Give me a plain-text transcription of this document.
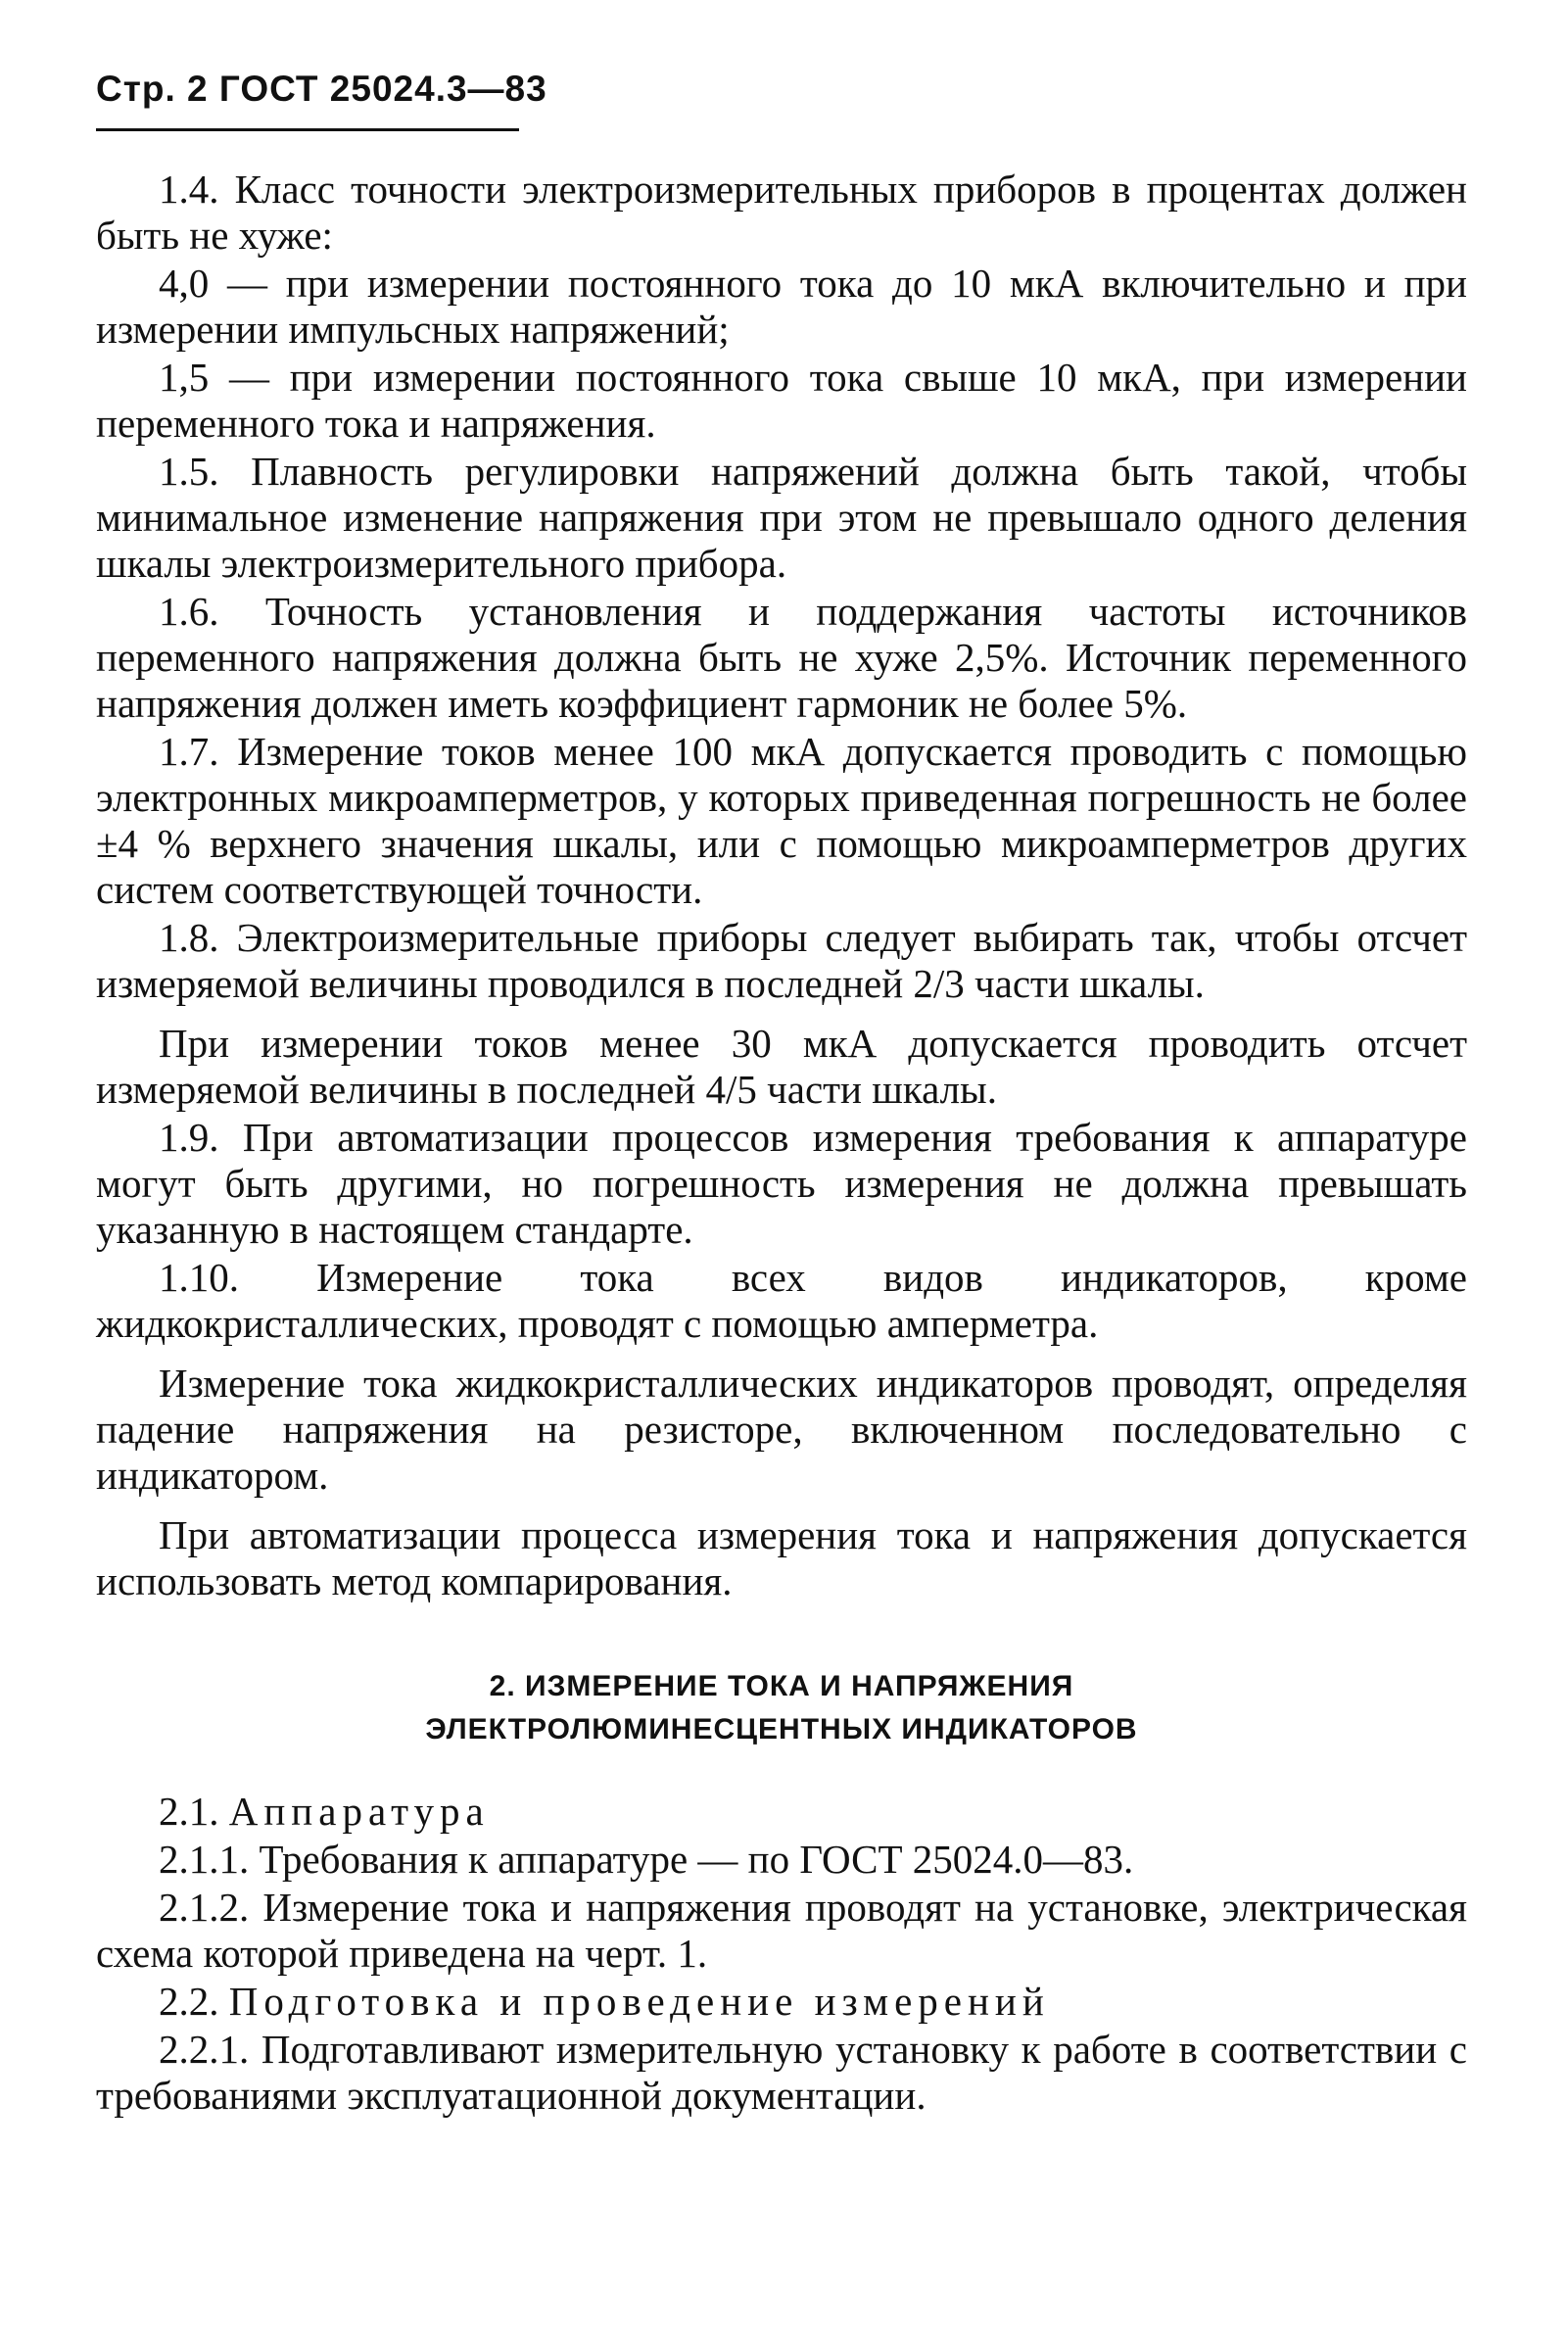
Стр. 2 ГОСТ 25024.3—83

1.4. Класс точности электроизмерительных приборов в процентах должен быть не хуже:

4,0 — при измерении постоянного тока до 10 мкА включительно и при измерении импульсных напряжений;

1,5 — при измерении постоянного тока свыше 10 мкА, при измерении переменного тока и напряжения.

1.5. Плавность регулировки напряжений должна быть такой, чтобы минимальное изменение напряжения при этом не превышало одного деления шкалы электроизмерительного прибора.

1.6. Точность установления и поддержания частоты источников переменного напряжения должна быть не хуже 2,5%. Источник переменного напряжения должен иметь коэффициент гармоник не более 5%.

1.7. Измерение токов менее 100 мкА допускается проводить с помощью электронных микроамперметров, у которых приведенная погрешность не более ±4 % верхнего значения шкалы, или с помощью микроамперметров других систем соответствующей точности.

1.8. Электроизмерительные приборы следует выбирать так, чтобы отсчет измеряемой величины проводился в последней 2/3 части шкалы.

При измерении токов менее 30 мкА допускается проводить отсчет измеряемой величины в последней 4/5 части шкалы.

1.9. При автоматизации процессов измерения требования к аппаратуре могут быть другими, но погрешность измерения не должна превышать указанную в настоящем стандарте.

1.10. Измерение тока всех видов индикаторов, кроме жидкокристаллических, проводят с помощью амперметра.

Измерение тока жидкокристаллических индикаторов проводят, определяя падение напряжения на резисторе, включенном последовательно с индикатором.

При автоматизации процесса измерения тока и напряжения допускается использовать метод компарирования.

2. ИЗМЕРЕНИЕ ТОКА И НАПРЯЖЕНИЯ
ЭЛЕКТРОЛЮМИНЕСЦЕНТНЫХ ИНДИКАТОРОВ

2.1. Аппаратура

2.1.1. Требования к аппаратуре — по ГОСТ 25024.0—83.

2.1.2. Измерение тока и напряжения проводят на установке, электрическая схема которой приведена на черт. 1.

2.2. Подготовка и проведение измерений

2.2.1. Подготавливают измерительную установку к работе в соответствии с требованиями эксплуатационной документации.
